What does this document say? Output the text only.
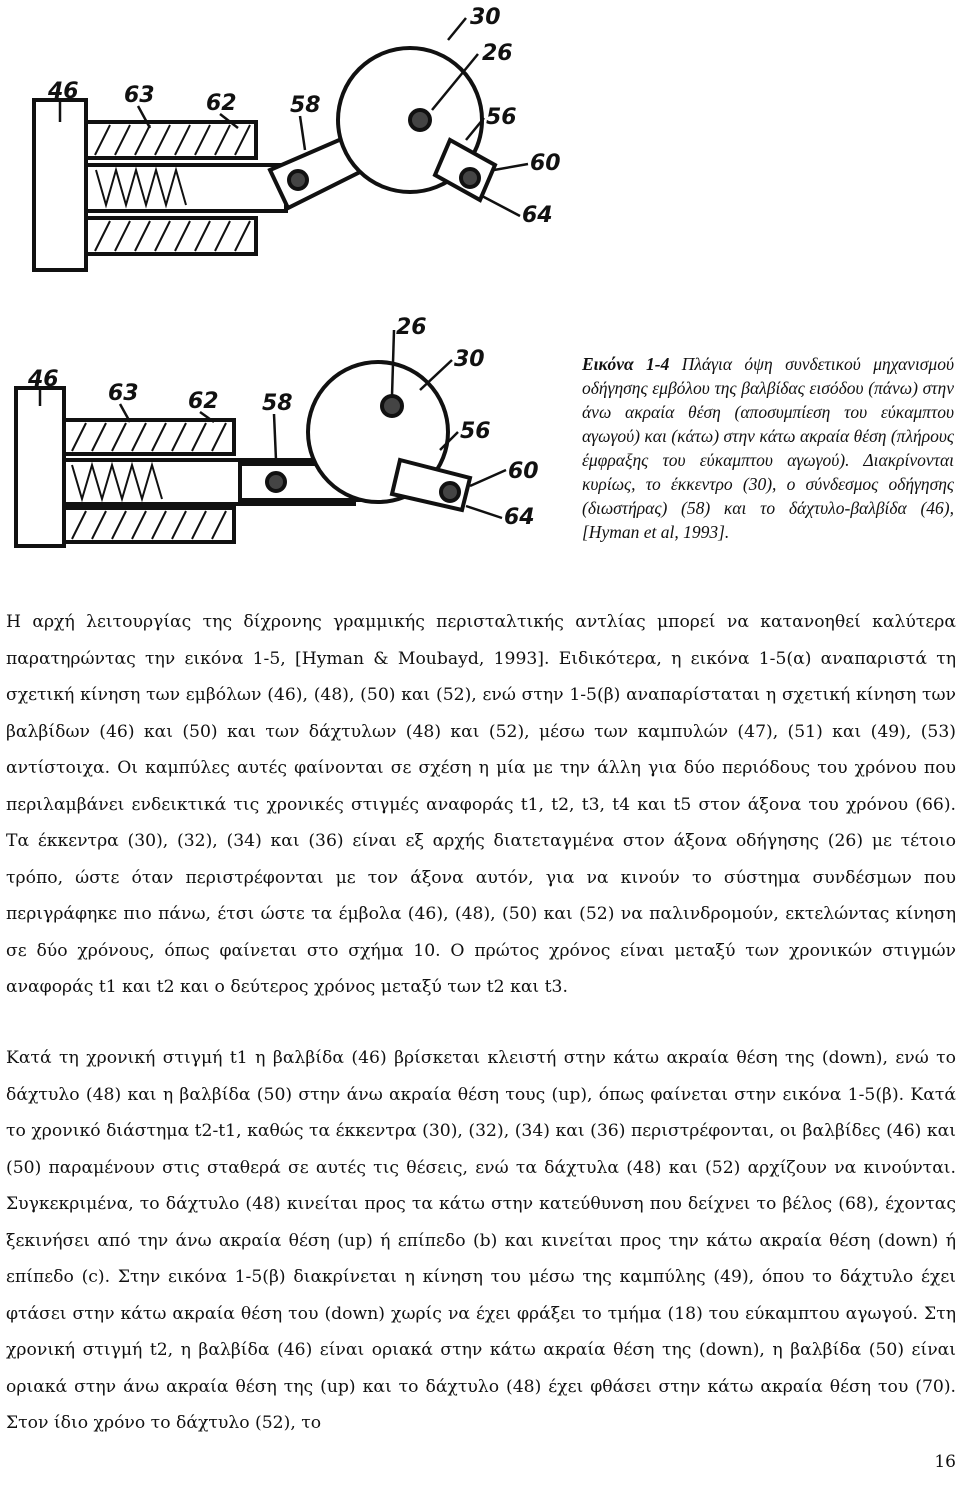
46 63 62 58
30
26
56
60
64
46
63 62 58
26
30
56
60
64
Εικόνα 1-4 Πλάγια όψη συνδετικού μηχανισμού οδήγησης εμβόλου της βαλβίδας εισόδου (πάνω) στην άνω ακραία θέση (αποσυμπίεση του εύκαμπτου αγωγού) και (κάτω) στην κάτω ακραία θέση (πλήρους έμφραξης του εύκαμπτου αγωγού). Διακρίνονται κυρίως, το έκκεντρο (30), ο σύνδεσμος οδήγησης (διωστήρας) (58) και το δάχτυλο-βαλβίδα (46), [Hyman et al, 1993].
Η αρχή λειτουργίας της δίχρονης γραμμικής περισταλτικής αντλίας μπορεί να κατανοηθεί καλύτερα παρατηρώντας την εικόνα 1-5, [Hyman & Moubayd, 1993]. Ειδικότερα, η εικόνα 1-5(α) αναπαριστά τη σχετική κίνηση των εμβόλων (46), (48), (50) και (52), ενώ στην 1-5(β) αναπαρίσταται η σχετική κίνηση των βαλβίδων (46) και (50) και των δάχτυλων (48) και (52), μέσω των καμπυλών (47), (51) και (49), (53) αντίστοιχα. Οι καμπύλες αυτές φαίνονται σε σχέση η μία με την άλλη για δύο περιόδους του χρόνου που περιλαμβάνει ενδεικτικά τις χρονικές στιγμές αναφοράς t1, t2, t3, t4 και t5 στον άξονα του χρόνου (66). Τα έκκεντρα (30), (32), (34) και (36) είναι εξ αρχής διατεταγμένα στον άξονα οδήγησης (26) με τέτοιο τρόπο, ώστε όταν περιστρέφονται με τον άξονα αυτόν, για να κινούν το σύστημα συνδέσμων που περιγράφηκε πιο πάνω, έτσι ώστε τα έμβολα (46), (48), (50) και (52) να παλινδρομούν, εκτελώντας κίνηση σε δύο χρόνους, όπως φαίνεται στο σχήμα 10. Ο πρώτος χρόνος είναι μεταξύ των χρονικών στιγμών αναφοράς t1 και t2 και ο δεύτερος χρόνος μεταξύ των t2 και t3.
Κατά τη χρονική στιγμή t1 η βαλβίδα (46) βρίσκεται κλειστή στην κάτω ακραία θέση της (down), ενώ το δάχτυλο (48) και η βαλβίδα (50) στην άνω ακραία θέση τους (up), όπως φαίνεται στην εικόνα 1-5(β). Κατά το χρονικό διάστημα t2-t1, καθώς τα έκκεντρα (30), (32), (34) και (36) περιστρέφονται, οι βαλβίδες (46) και (50) παραμένουν στις σταθερά σε αυτές τις θέσεις, ενώ τα δάχτυλα (48) και (52) αρχίζουν να κινούνται. Συγκεκριμένα, το δάχτυλο (48) κινείται προς τα κάτω στην κατεύθυνση που δείχνει το βέλος (68), έχοντας ξεκινήσει από την άνω ακραία θέση (up) ή επίπεδο (b) και κινείται προς την κάτω ακραία θέση (down) ή επίπεδο (c). Στην εικόνα 1-5(β) διακρίνεται η κίνηση του μέσω της καμπύλης (49), όπου το δάχτυλο έχει φτάσει στην κάτω ακραία θέση του (down) χωρίς να έχει φράξει το τμήμα (18) του εύκαμπτου αγωγού. Στη χρονική στιγμή t2, η βαλβίδα (46) είναι οριακά στην κάτω ακραία θέση της (down), η βαλβίδα (50) είναι οριακά στην άνω ακραία θέση της (up) και το δάχτυλο (48) έχει φθάσει στην κάτω ακραία θέση του (70). Στον ίδιο χρόνο το δάχτυλο (52), το
16
